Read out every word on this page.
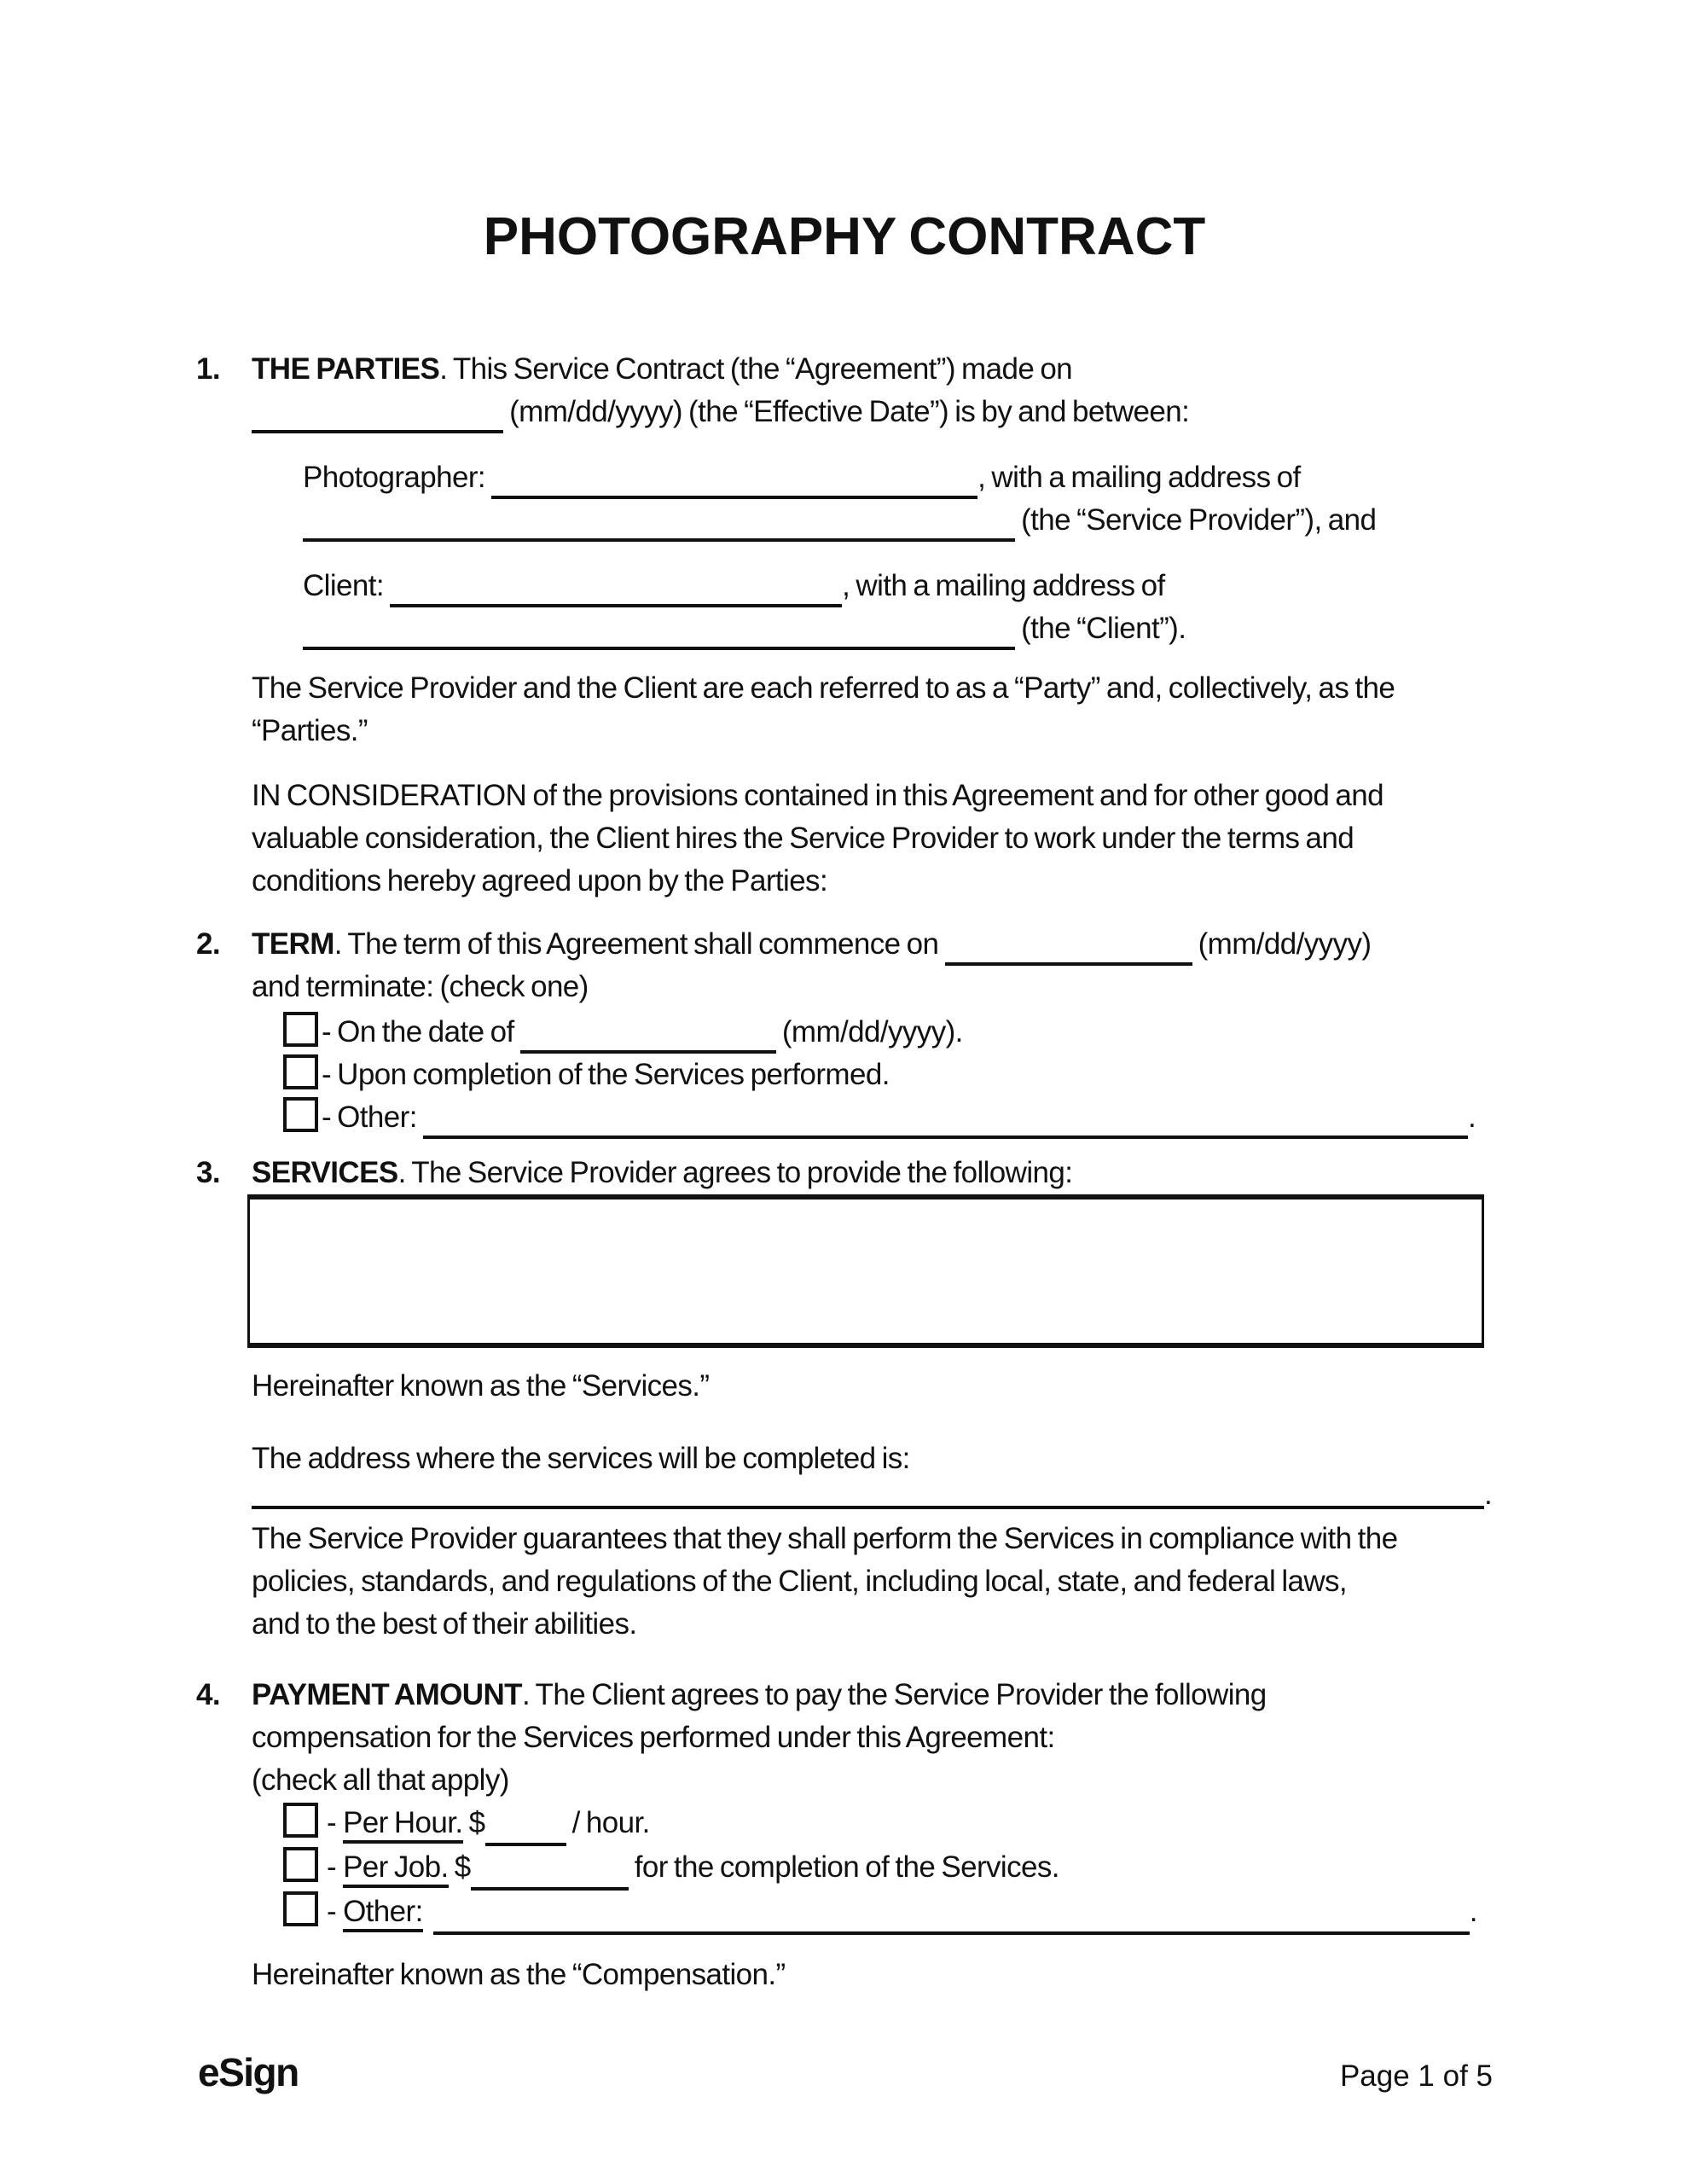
PHOTOGRAPHY CONTRACT
1. THE PARTIES. This Service Contract (the “Agreement”) made on
(mm/dd/yyyy) (the “Effective Date”) is by and between:
Photographer:	, with a mailing address of
(the “Service Provider”), and
Client:	, with a mailing address of
(the “Client”).
The Service Provider and the Client are each referred to as a “Party” and, collectively, as the
“Parties.”
IN CONSIDERATION of the provisions contained in this Agreement and for other good and
valuable consideration, the Client hires the Service Provider to work under the terms and
conditions hereby agreed upon by the Parties:
2. TERM. The term of this Agreement shall commence on	(mm/dd/yyyy)
and terminate: (check one)
- On the date of	(mm/dd/yyyy).
- Upon completion of the Services performed.
- Other:	.
3. SERVICES. The Service Provider agrees to provide the following:
Hereinafter known as the “Services.”
The address where the services will be completed is:
.
The Service Provider guarantees that they shall perform the Services in compliance with the
policies, standards, and regulations of the Client, including local, state, and federal laws,
and to the best of their abilities.
4. PAYMENT AMOUNT. The Client agrees to pay the Service Provider the following
compensation for the Services performed under this Agreement:
(check all that apply)
- Per Hour. $	/ hour.
- Per Job. $	for the completion of the Services.
- Other:	.
Hereinafter known as the “Compensation.”
eSign	Page 1 of 5
